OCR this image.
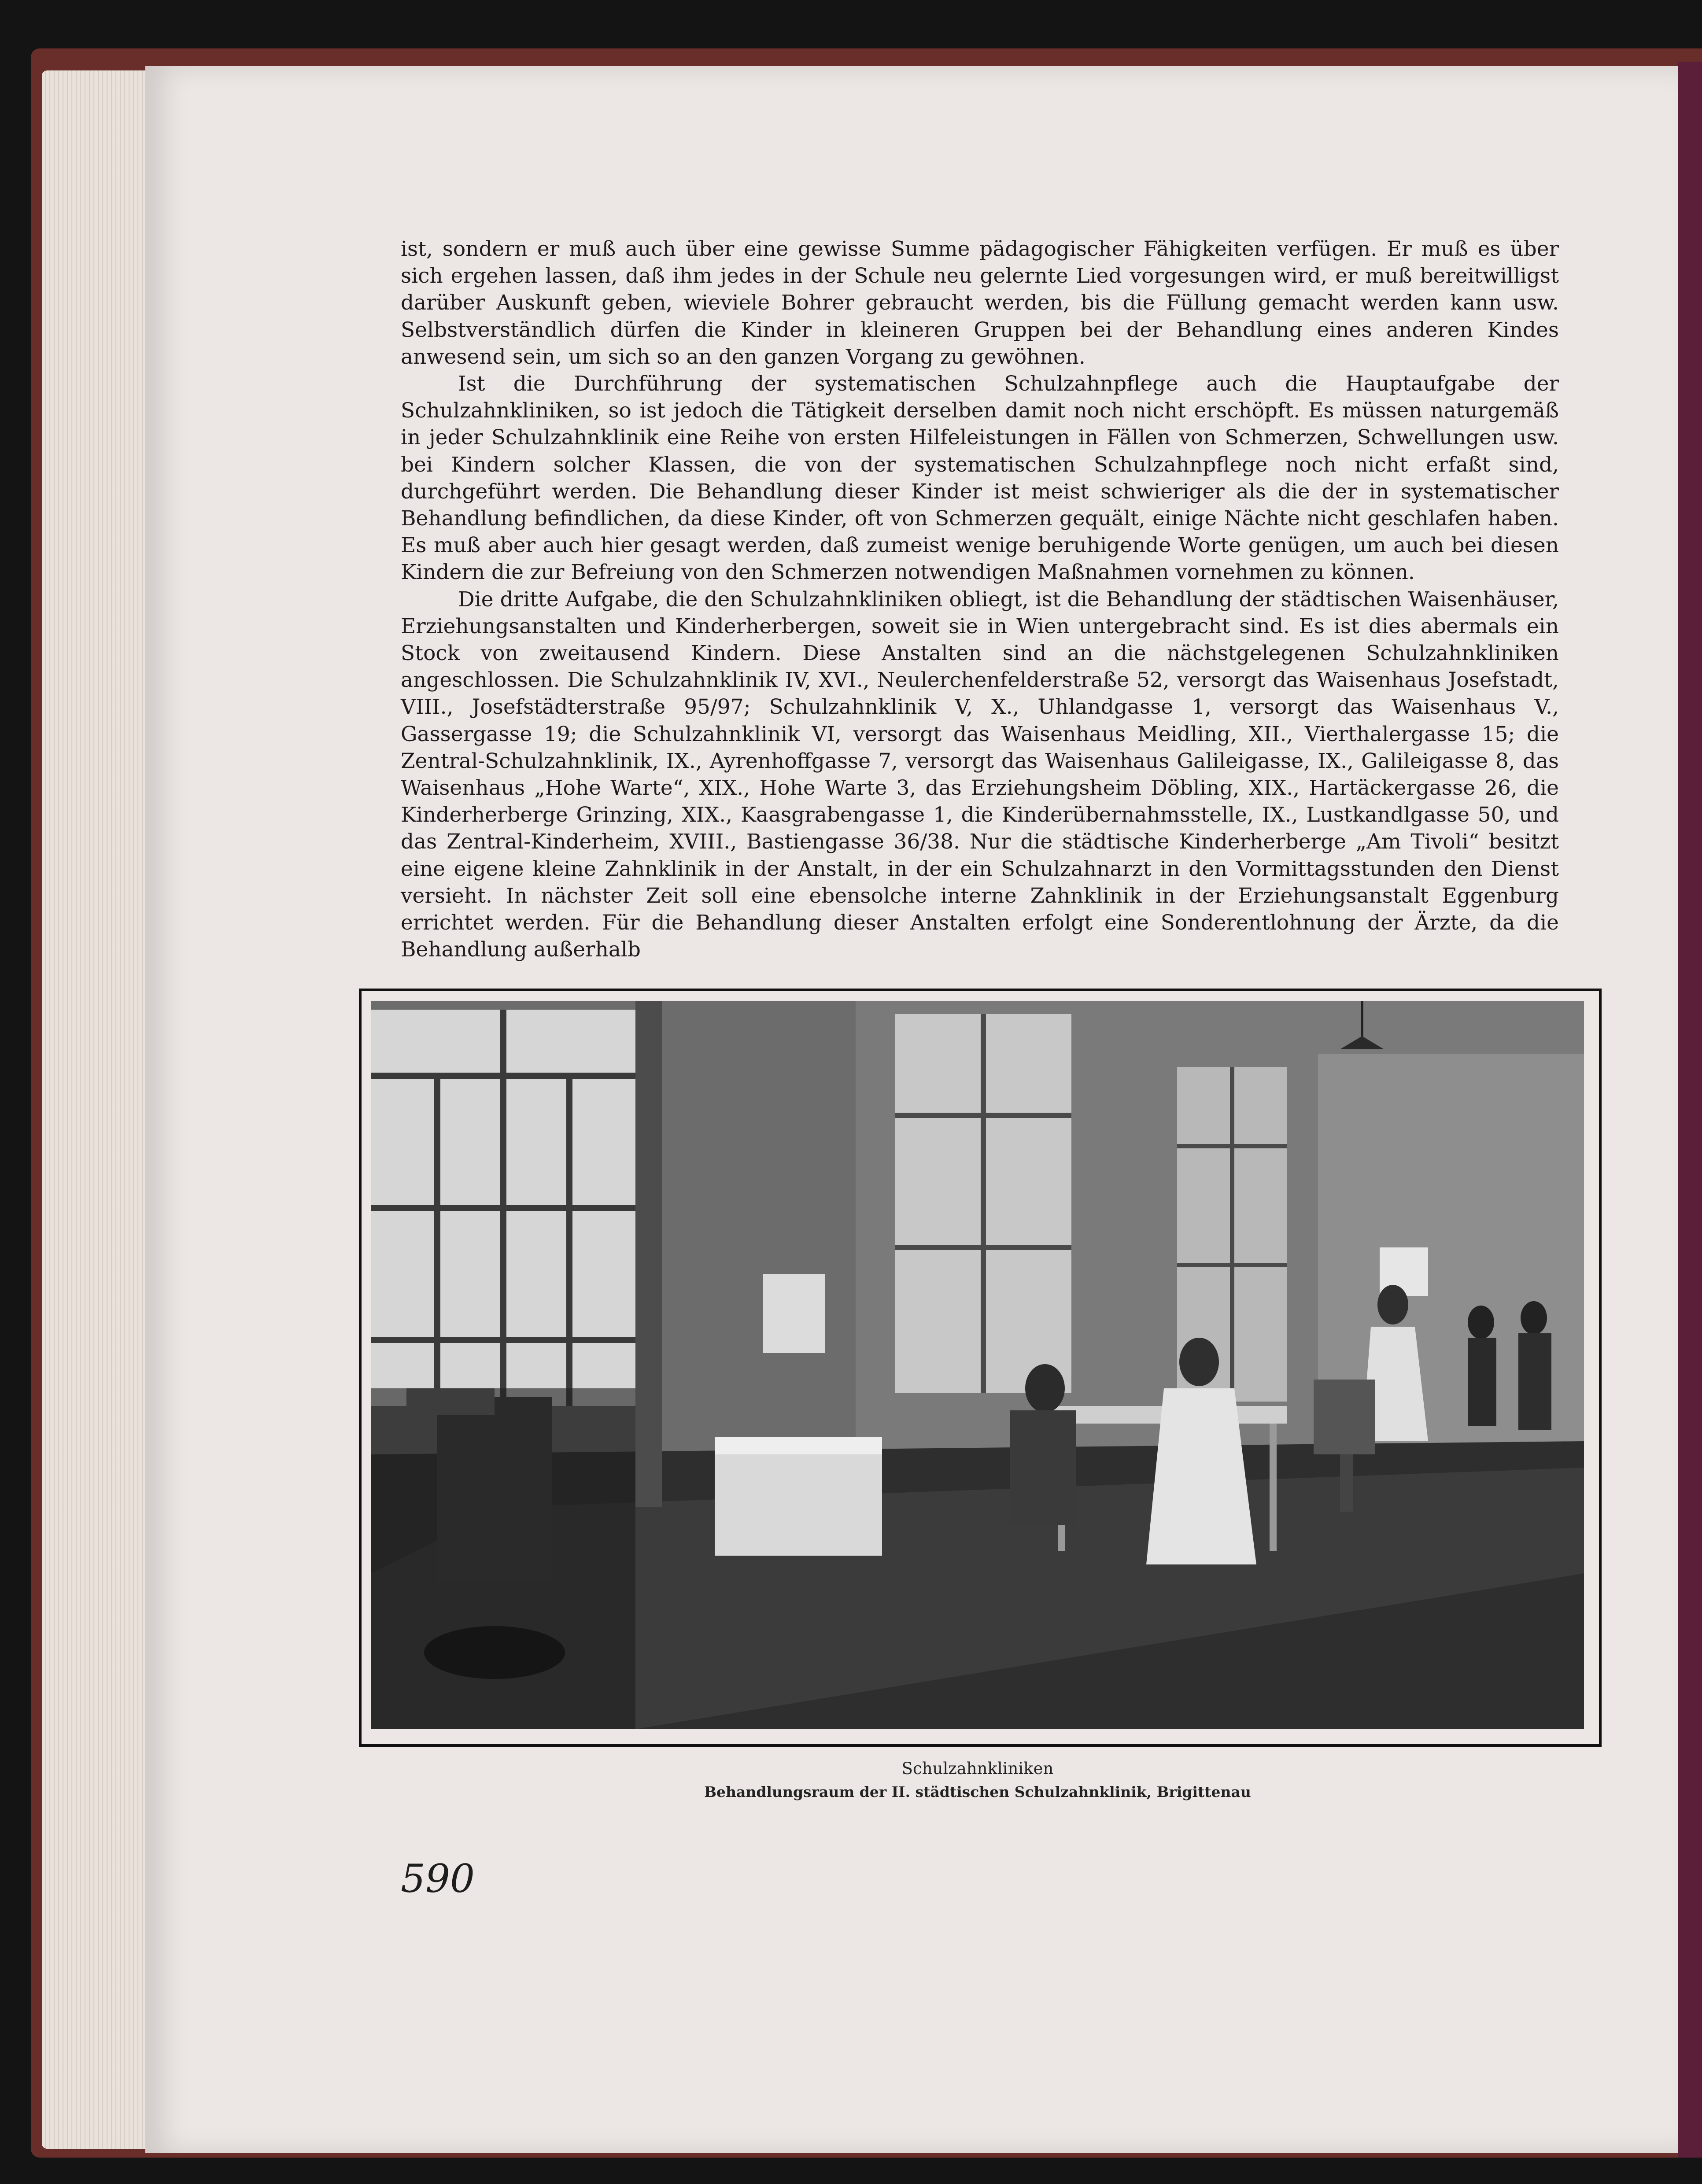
ist, sondern er muß auch über eine gewisse Summe pädagogischer Fähigkeiten verfügen. Er muß es über sich ergehen lassen, daß ihm jedes in der Schule neu gelernte Lied vorgesungen wird, er muß bereitwilligst darüber Auskunft geben, wieviele Bohrer gebraucht werden, bis die Füllung gemacht werden kann usw. Selbstverständlich dürfen die Kinder in kleineren Gruppen bei der Behandlung eines anderen Kindes anwesend sein, um sich so an den ganzen Vorgang zu gewöhnen.

Ist die Durchführung der systematischen Schulzahnpflege auch die Hauptaufgabe der Schulzahnkliniken, so ist jedoch die Tätigkeit derselben damit noch nicht erschöpft. Es müssen naturgemäß in jeder Schulzahnklinik eine Reihe von ersten Hilfeleistungen in Fällen von Schmerzen, Schwellungen usw. bei Kindern solcher Klassen, die von der systematischen Schulzahnpflege noch nicht erfaßt sind, durchgeführt werden. Die Behandlung dieser Kinder ist meist schwieriger als die der in systematischer Behandlung befindlichen, da diese Kinder, oft von Schmerzen gequält, einige Nächte nicht geschlafen haben. Es muß aber auch hier gesagt werden, daß zumeist wenige beruhigende Worte genügen, um auch bei diesen Kindern die zur Befreiung von den Schmerzen notwendigen Maßnahmen vornehmen zu können.

Die dritte Aufgabe, die den Schulzahnkliniken obliegt, ist die Behandlung der städtischen Waisenhäuser, Erziehungsanstalten und Kinderherbergen, soweit sie in Wien untergebracht sind. Es ist dies abermals ein Stock von zweitausend Kindern. Diese Anstalten sind an die nächstgelegenen Schulzahnkliniken angeschlossen. Die Schulzahnklinik IV, XVI., Neulerchenfelderstraße 52, versorgt das Waisenhaus Josefstadt, VIII., Josefstädterstraße 95/97; Schulzahnklinik V, X., Uhlandgasse 1, versorgt das Waisenhaus V., Gassergasse 19; die Schulzahnklinik VI, versorgt das Waisenhaus Meidling, XII., Vierthalergasse 15; die Zentral-Schulzahnklinik, IX., Ayrenhoffgasse 7, versorgt das Waisenhaus Galileigasse, IX., Galileigasse 8, das Waisenhaus „Hohe Warte“, XIX., Hohe Warte 3, das Erziehungsheim Döbling, XIX., Hartäckergasse 26, die Kinderherberge Grinzing, XIX., Kaasgrabengasse 1, die Kinderübernahmsstelle, IX., Lustkandlgasse 50, und das Zentral-Kinderheim, XVIII., Bastiengasse 36/38. Nur die städtische Kinderherberge „Am Tivoli“ besitzt eine eigene kleine Zahnklinik in der Anstalt, in der ein Schulzahnarzt in den Vormittagsstunden den Dienst versieht. In nächster Zeit soll eine ebensolche interne Zahnklinik in der Erziehungsanstalt Eggenburg errichtet werden. Für die Behandlung dieser Anstalten erfolgt eine Sonderentlohnung der Ärzte, da die Behandlung außerhalb

Schulzahnkliniken
Behandlungsraum der II. städtischen Schulzahnklinik, Brigittenau
590
